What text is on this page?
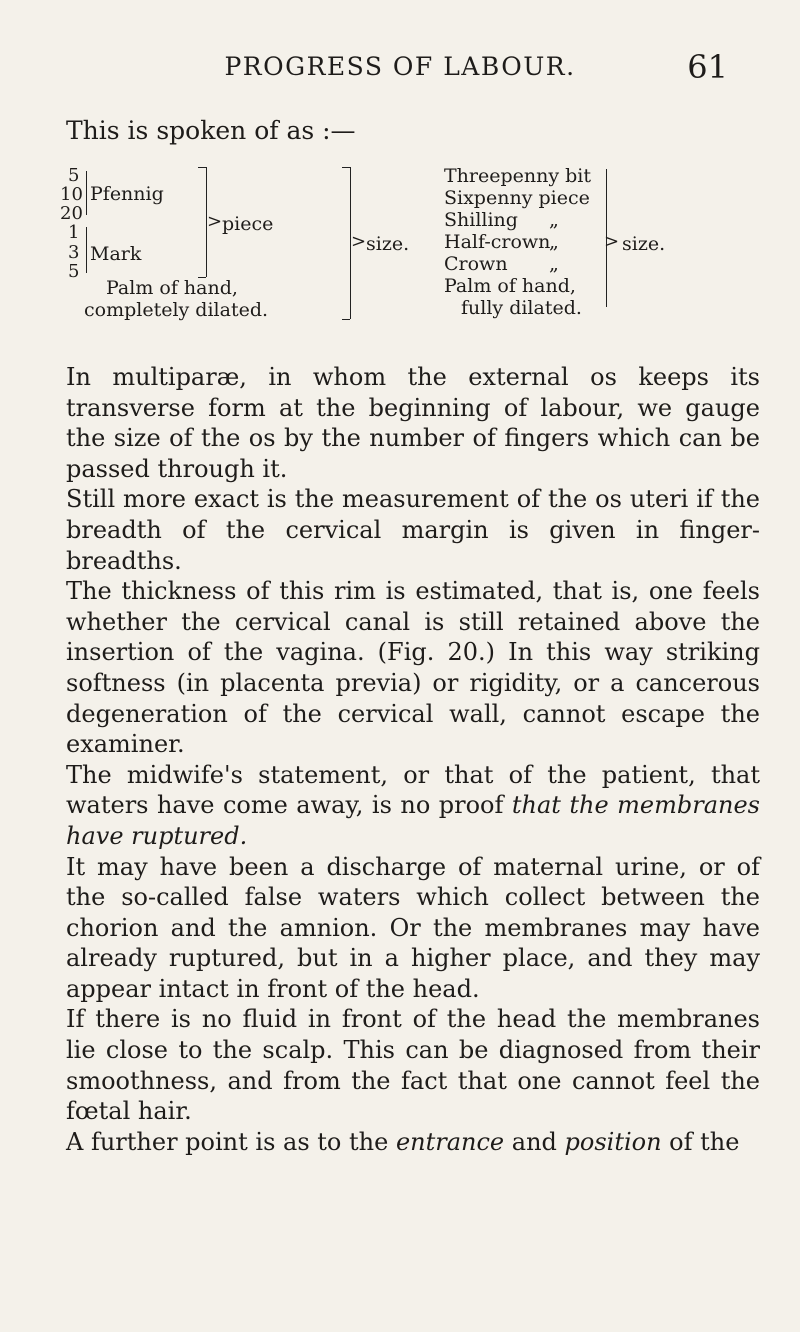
PROGRESS OF LABOUR.	61
This is spoken of as :—
5
10
20
1
3
5
Pfennig
Mark
> piece
Palm of hand,
completely dilated.
> size.
Threepenny bit
Sixpenny piece
Shilling „
Half-crown
„
Crown „
Palm of hand,
fully dilated.
> size.

In multiparæ, in whom the external os keeps its transverse form at the beginning of labour, we gauge the size of the os by the number of fingers which can be passed through it.

Still more exact is the measurement of the os uteri if the breadth of the cervical margin is given in finger-breadths.

The thickness of this rim is estimated, that is, one feels whether the cervical canal is still retained above the insertion of the vagina. (Fig. 20.) In this way striking softness (in placenta previa) or rigidity, or a cancerous degeneration of the cervical wall, cannot escape the examiner.

The midwife's statement, or that of the patient, that waters have come away, is no proof that the membranes have ruptured.

It may have been a discharge of maternal urine, or of the so-called false waters which collect between the chorion and the amnion. Or the membranes may have already ruptured, but in a higher place, and they may appear intact in front of the head.

If there is no fluid in front of the head the membranes lie close to the scalp. This can be diagnosed from their smoothness, and from the fact that one cannot feel the fœtal hair.

A further point is as to the entrance and position of the
